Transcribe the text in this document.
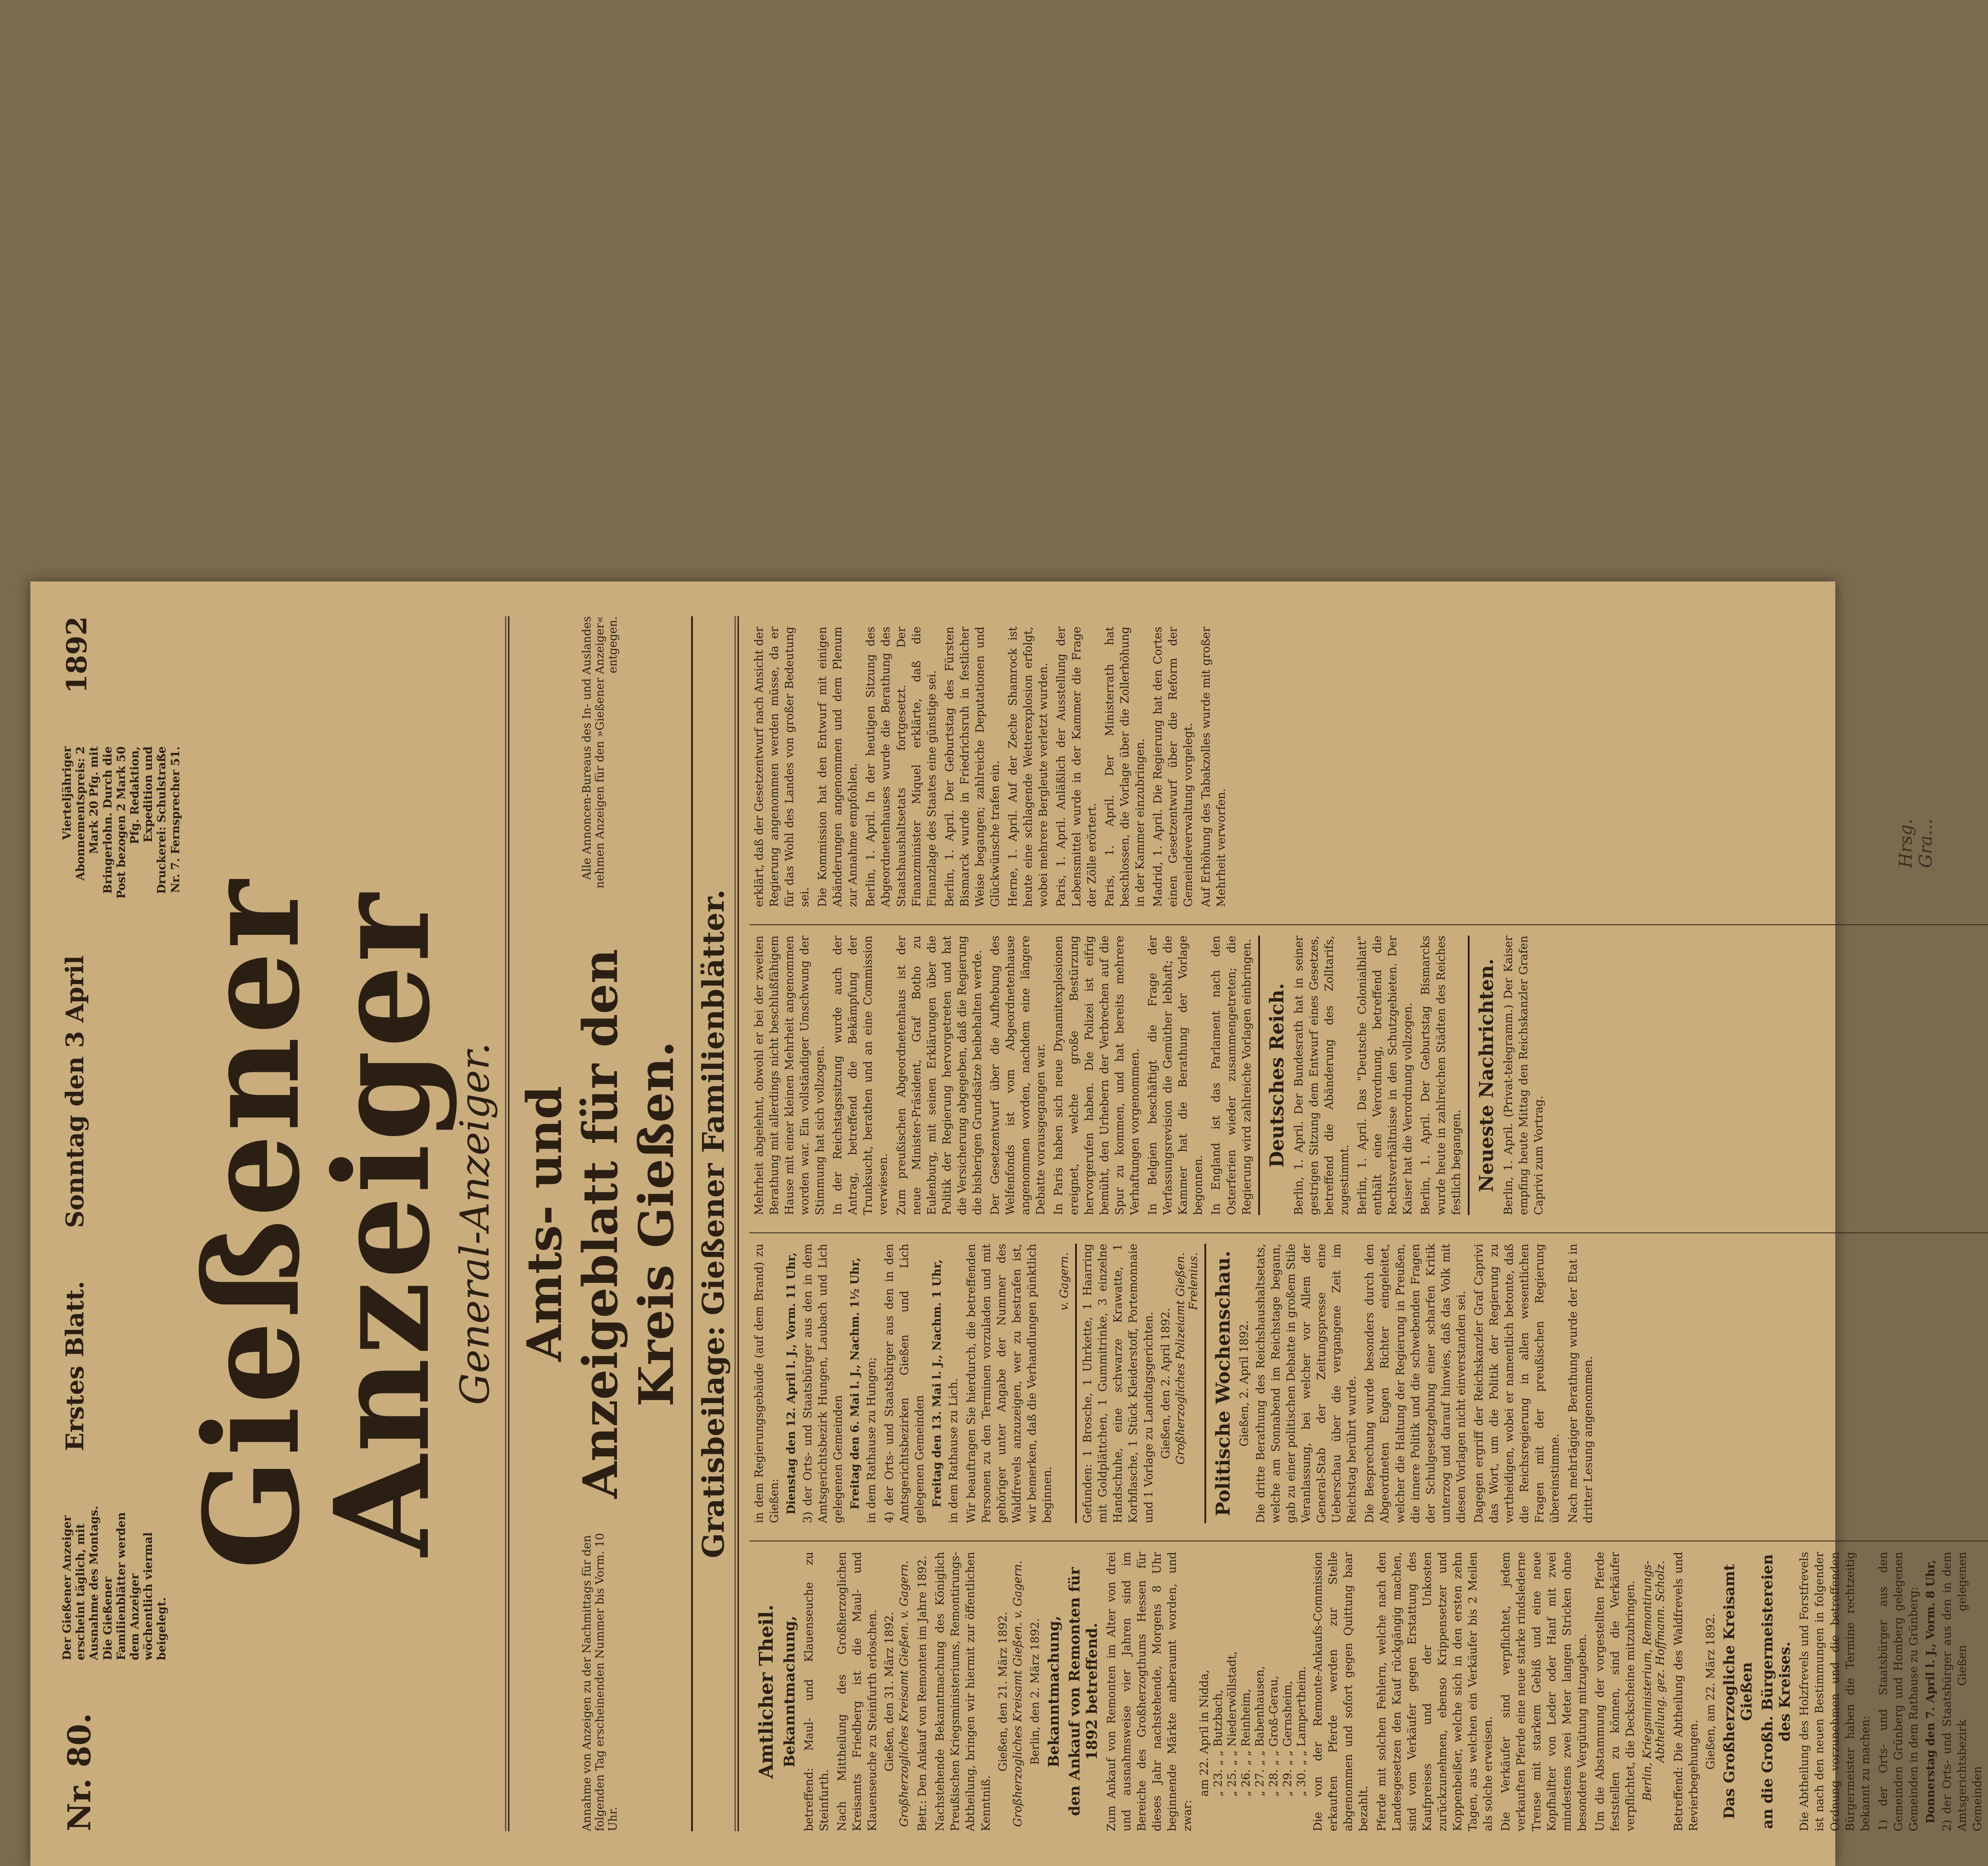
Nr. 80.
Der Gießener Anzeiger erscheint täglich, mit Ausnahme des Montags. Die Gießener Familienblätter werden dem Anzeiger wöchentlich viermal beigelegt.
Erstes Blatt.
Sonntag den 3 April
Vierteljähriger Abonnementspreis: 2 Mark 20 Pfg. mit Bringerlohn. Durch die Post bezogen 2 Mark 50 Pfg. Redaktion, Expedition und Druckerei: Schulstraße Nr. 7. Fernsprecher 51.
1892
Gießener Anzeiger
General-Anzeiger.
Annahme von Anzeigen zu der Nachmittags für den folgenden Tag erscheinenden Nummer bis Vorm. 10 Uhr.
Amts- und Anzeigeblatt für den Kreis Gießen.
Alle Annoncen-Bureaus des In- und Auslandes nehmen Anzeigen für den »Gießener Anzeiger« entgegen.
Gratisbeilage: Gießener Familienblätter.
Amtlicher Theil. Bekanntmachung, betreffend: Maul- und Klauenseuche zu Steinfurth. Nach Mittheilung des Großherzoglichen Kreisamts Friedberg ist die Maul- und Klauenseuche zu Steinfurth erloschen. Gießen, den 31. März 1892. Großherzogliches Kreisamt Gießen. v. Gagern. Betr.: Den Ankauf von Remonten im Jahre 1892. Nachstehende Bekanntmachung des Königlich Preußischen Kriegsministeriums, Remontirungs-Abtheilung, bringen wir hiermit zur öffentlichen Kenntniß.
Gießen, den 21. März 1892. Großherzogliches Kreisamt Gießen. v. Gagern. Berlin, den 2. März 1892. Bekanntmachung, den Ankauf von Remonten für 1892 betreffend. Zum Ankauf von Remonten im Alter von drei und ausnahmsweise vier Jahren sind im Bereiche des Großherzogthums Hessen für dieses Jahr nachstehende, Morgens 8 Uhr beginnende Märkte anberaumt worden, und zwar:
am 22. April in Nidda, „ 23. „ „ Butzbach, „ 25. „ „ Niederwöllstadt, „ 26. „ „ Reinheim, „ 27. „ „ Babenhausen, „ 28. „ „ Groß-Gerau, „ 29. „ „ Gernsheim, „ 30. „ „ Lampertheim. Die von der Remonte-Ankaufs-Commission erkauften Pferde werden zur Stelle abgenommen und sofort gegen Quittung baar bezahlt. Pferde mit solchen Fehlern, welche nach den Landesgesetzen den Kauf rückgängig machen, sind vom Verkäufer gegen Erstattung des Kaufpreises und der Unkosten zurückzunehmen, ebenso Krippensetzer und Koppenbeißer, welche sich in den ersten zehn Tagen, aus welchen ein Verkäufer bis 2 Meilen als solche erweisen. Die Verkäufer sind verpflichtet, jedem verkauften Pferde eine neue starke rindslederne Trense mit starkem Gebiß und eine neue Kopfhalfter von Leder oder Hanf mit zwei mindestens zwei Meter langen Stricken ohne besondere Vergütung mitzugeben. Um die Abstammung der vorgestellten Pferde feststellen zu können, sind die Verkäufer verpflichtet, die Deckscheine mitzubringen. Berlin, Kriegsministerium, Remontirungs-Abtheilung. gez. Hoffmann. Scholz. Betreffend: Die Abtheilung des Waldfrevels und Revierbegehungen.
Gießen, am 22. März 1892. Das Großherzogliche Kreisamt Gießen an die Großh. Bürgermeistereien des Kreises. Die Abtheilung des Holzfrevels und Forstfrevels ist nach den neuen Bestimmungen in folgender Ordnung vorzunehmen und die betreffenden Bürgermeister haben die Termine rechtzeitig bekannt zu machen: 1) der Orts- und Staatsbürger aus den Gemeinden Grünberg und Homberg gelegenen Gemeinden in dem Rathause zu Grünberg: Donnerstag den 7. April l. J., Vorm. 8 Uhr, 2) der Orts- und Staatsbürger aus den in dem Amtsgerichtsbezirk Gießen gelegenen Gemeinden
in dem Regierungsgebäude (auf dem Brand) zu Gießen: Dienstag den 12. April l. J., Vorm. 11 Uhr, 3) der Orts- und Staatsbürger aus den in dem Amtsgerichtsbezirk Hungen, Laubach und Lich gelegenen Gemeinden Freitag den 6. Mai l. J., Nachm. 1½ Uhr, in dem Rathause zu Hungen; 4) der Orts- und Staatsbürger aus den in den Amtsgerichtsbezirken Gießen und Lich gelegenen Gemeinden Freitag den 13. Mai l. J., Nachm. 1 Uhr, in dem Rathause zu Lich. Wir beauftragen Sie hierdurch, die betreffenden Personen zu den Terminen vorzuladen und mit gehöriger unter Angabe der Nummer des Waldfrevels anzuzeigen, wer zu bestrafen ist, wir bemerken, daß die Verhandlungen pünktlich beginnen.
v. Gagern. Gefunden: 1 Brosche, 1 Uhrkette, 1 Haarring mit Goldplättchen, 1 Gummitrinke, 3 einzelne Handschuhe, eine schwarze Krawatte, 1 Korbflasche, 1 Stück Kleiderstoff, Portemonnaie und 1 Vorlage zu Landtagsgerichten. Gießen, den 2. April 1892. Großherzogliches Polizeiamt Gießen. Frelenius. Politische Wochenschau. Gießen, 2. April 1892. Die dritte Berathung des Reichshaushaltsetats, welche am Sonnabend im Reichstage begann, gab zu einer politischen Debatte in großem Stile Veranlassung, bei welcher vor Allem der General-Stab der Zeitungspresse eine Ueberschau über die vergangene Zeit im Reichstag berührt wurde. Die Besprechung wurde besonders durch den Abgeordneten Eugen Richter eingeleitet, welcher die Haltung der Regierung in Preußen, die innere Politik und die schwebenden Fragen der Schulgesetzgebung einer scharfen Kritik unterzog und darauf hinwies, daß das Volk mit diesen Vorlagen nicht einverstanden sei. Dagegen ergriff der Reichskanzler Graf Caprivi das Wort, um die Politik der Regierung zu vertheidigen, wobei er namentlich betonte, daß die Reichsregierung in allen wesentlichen Fragen mit der preußischen Regierung übereinstimme. Nach mehrtägiger Berathung wurde der Etat in dritter Lesung angenommen.
Mehrheit abgelehnt, obwohl er bei der zweiten Berathung mit allerdings nicht beschlußfähigem Hause mit einer kleinen Mehrheit angenommen worden war. Ein vollständiger Umschwung der Stimmung hat sich vollzogen. In der Reichstagssitzung wurde auch der Antrag, betreffend die Bekämpfung der Trunksucht, berathen und an eine Commission verwiesen. Zum preußischen Abgeordnetenhaus ist der neue Minister-Präsident, Graf Botho zu Eulenburg, mit seinen Erklärungen über die Politik der Regierung hervorgetreten und hat die Versicherung abgegeben, daß die Regierung die bisherigen Grundsätze beibehalten werde. Der Gesetzentwurf über die Aufhebung des Welfenfonds ist vom Abgeordnetenhause angenommen worden, nachdem eine längere Debatte vorausgegangen war. In Paris haben sich neue Dynamitexplosionen ereignet, welche große Bestürzung hervorgerufen haben. Die Polizei ist eifrig bemüht, den Urhebern der Verbrechen auf die Spur zu kommen, und hat bereits mehrere Verhaftungen vorgenommen. In Belgien beschäftigt die Frage der Verfassungsrevision die Gemüther lebhaft; die Kammer hat die Berathung der Vorlage begonnen. In England ist das Parlament nach den Osterferien wieder zusammengetreten; die Regierung wird zahlreiche Vorlagen einbringen. Deutsches Reich. Berlin, 1. April. Der Bundesrath hat in seiner gestrigen Sitzung dem Entwurf eines Gesetzes, betreffend die Abänderung des Zolltarifs, zugestimmt. Berlin, 1. April. Das "Deutsche Colonialblatt" enthält eine Verordnung, betreffend die Rechtsverhältnisse in den Schutzgebieten. Der Kaiser hat die Verordnung vollzogen. Berlin, 1. April. Der Geburtstag Bismarcks wurde heute in zahlreichen Städten des Reiches festlich begangen. Neueste Nachrichten. Berlin, 1. April. (Privat-telegramm.) Der Kaiser empfing heute Mittag den Reichskanzler Grafen Caprivi zum Vortrag.
erklärt, daß der Gesetzentwurf nach Ansicht der Regierung angenommen werden müsse, da er für das Wohl des Landes von großer Bedeutung sei. Die Kommission hat den Entwurf mit einigen Abänderungen angenommen und dem Plenum zur Annahme empfohlen. Berlin, 1. April. In der heutigen Sitzung des Abgeordnetenhauses wurde die Berathung des Staatshaushaltsetats fortgesetzt. Der Finanzminister Miquel erklärte, daß die Finanzlage des Staates eine günstige sei. Berlin, 1. April. Der Geburtstag des Fürsten Bismarck wurde in Friedrichsruh in festlicher Weise begangen; zahlreiche Deputationen und Glückwünsche trafen ein. Herne, 1. April. Auf der Zeche Shamrock ist heute eine schlagende Wetterexplosion erfolgt, wobei mehrere Bergleute verletzt wurden. Paris, 1. April. Anläßlich der Ausstellung der Lebensmittel wurde in der Kammer die Frage der Zölle erörtert. Paris, 1. April. Der Ministerrath hat beschlossen, die Vorlage über die Zollerhöhung in der Kammer einzubringen. Madrid, 1. April. Die Regierung hat den Cortes einen Gesetzentwurf über die Reform der Gemeindeverwaltung vorgelegt. Auf Erhöhung des Tabakzolles wurde mit großer Mehrheit verworfen.	Hrsg. Gra...
